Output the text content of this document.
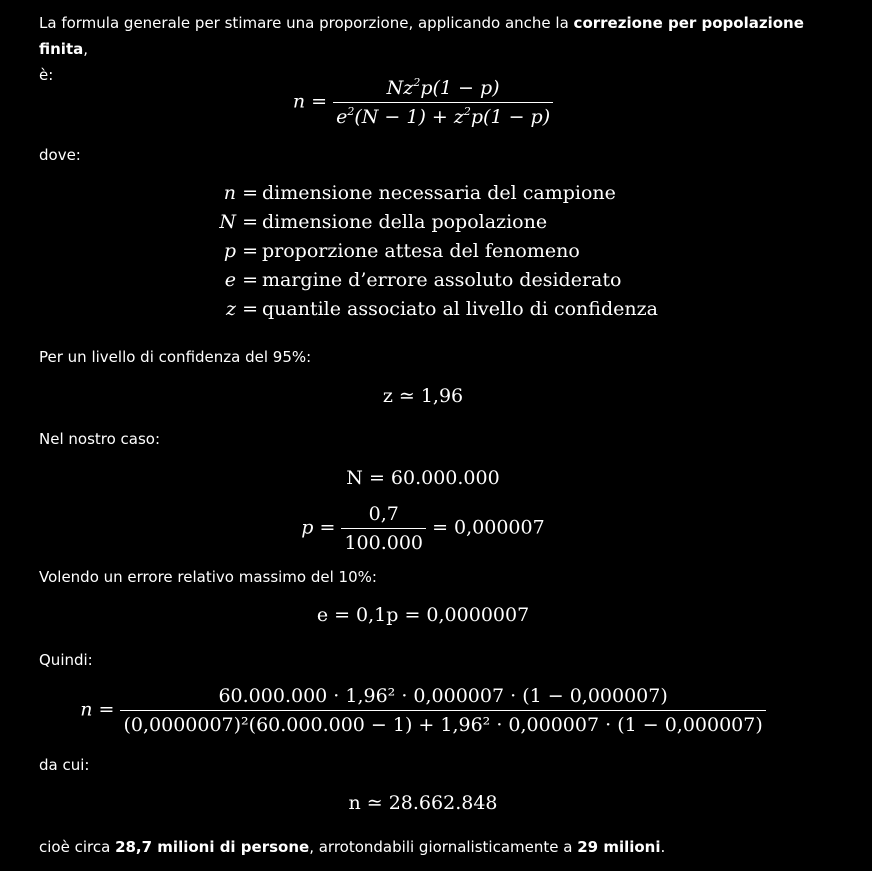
La formula generale per stimare una proporzione, applicando anche la correzione per popolazione finita,
è:

$n = \frac{Nz^2p(1 - p)}{e^2(N - 1) + z^2p(1 - p)}$

dove:

n = dimensione necessaria del campione
N = dimensione della popolazione
p = proporzione attesa del fenomeno
e = margine d’errore assoluto desiderato
z = quantile associato al livello di confidenza

Per un livello di confidenza del 95%:

z ≃ 1,96

Nel nostro caso:

N = 60.000.000
$p = \frac{0,7}{100.000} = 0,000007$

Volendo un errore relativo massimo del 10%:

e = 0,1p = 0,0000007

Quindi:

n =
60.000.000 · 1,96² · 0,000007 · (1 − 0,000007)
(0,0000007)²(60.000.000 − 1) + 1,96² · 0,000007 · (1 − 0,000007)

da cui:

n ≃ 28.662.848

cioè circa 28,7 milioni di persone, arrotondabili giornalisticamente a 29 milioni.
